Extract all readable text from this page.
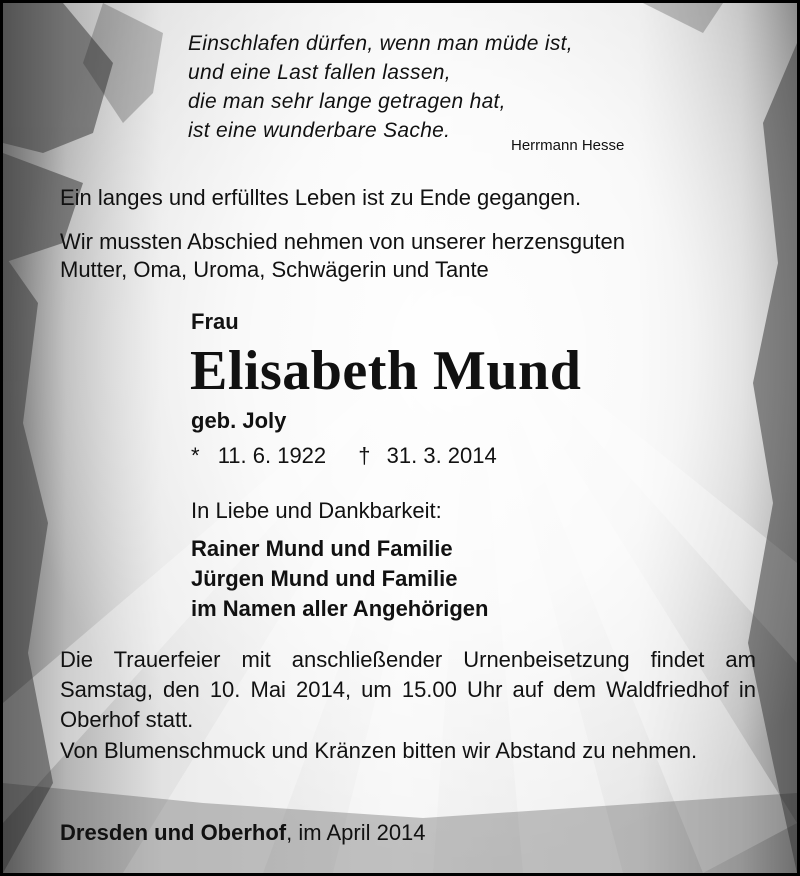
Einschlafen dürfen, wenn man müde ist,
und eine Last fallen lassen,
die man sehr lange getragen hat,
ist eine wunderbare Sache.
Herrmann Hesse

Ein langes und erfülltes Leben ist zu Ende gegangen.

Wir mussten Abschied nehmen von unserer herzensguten

Mutter, Oma, Uroma, Schwägerin und Tante

Frau

Elisabeth Mund

geb. Joly

* 11. 6. 1922 † 31. 3. 2014

In Liebe und Dankbarkeit:

Rainer Mund und Familie
Jürgen Mund und Familie
im Namen aller Angehörigen

Die Trauerfeier mit anschließender Urnenbeisetzung findet am Samstag, den 10. Mai 2014, um 15.00 Uhr auf dem Waldfriedhof in Oberhof statt.

Von Blumenschmuck und Kränzen bitten wir Abstand zu nehmen.

Dresden und Oberhof, im April 2014
